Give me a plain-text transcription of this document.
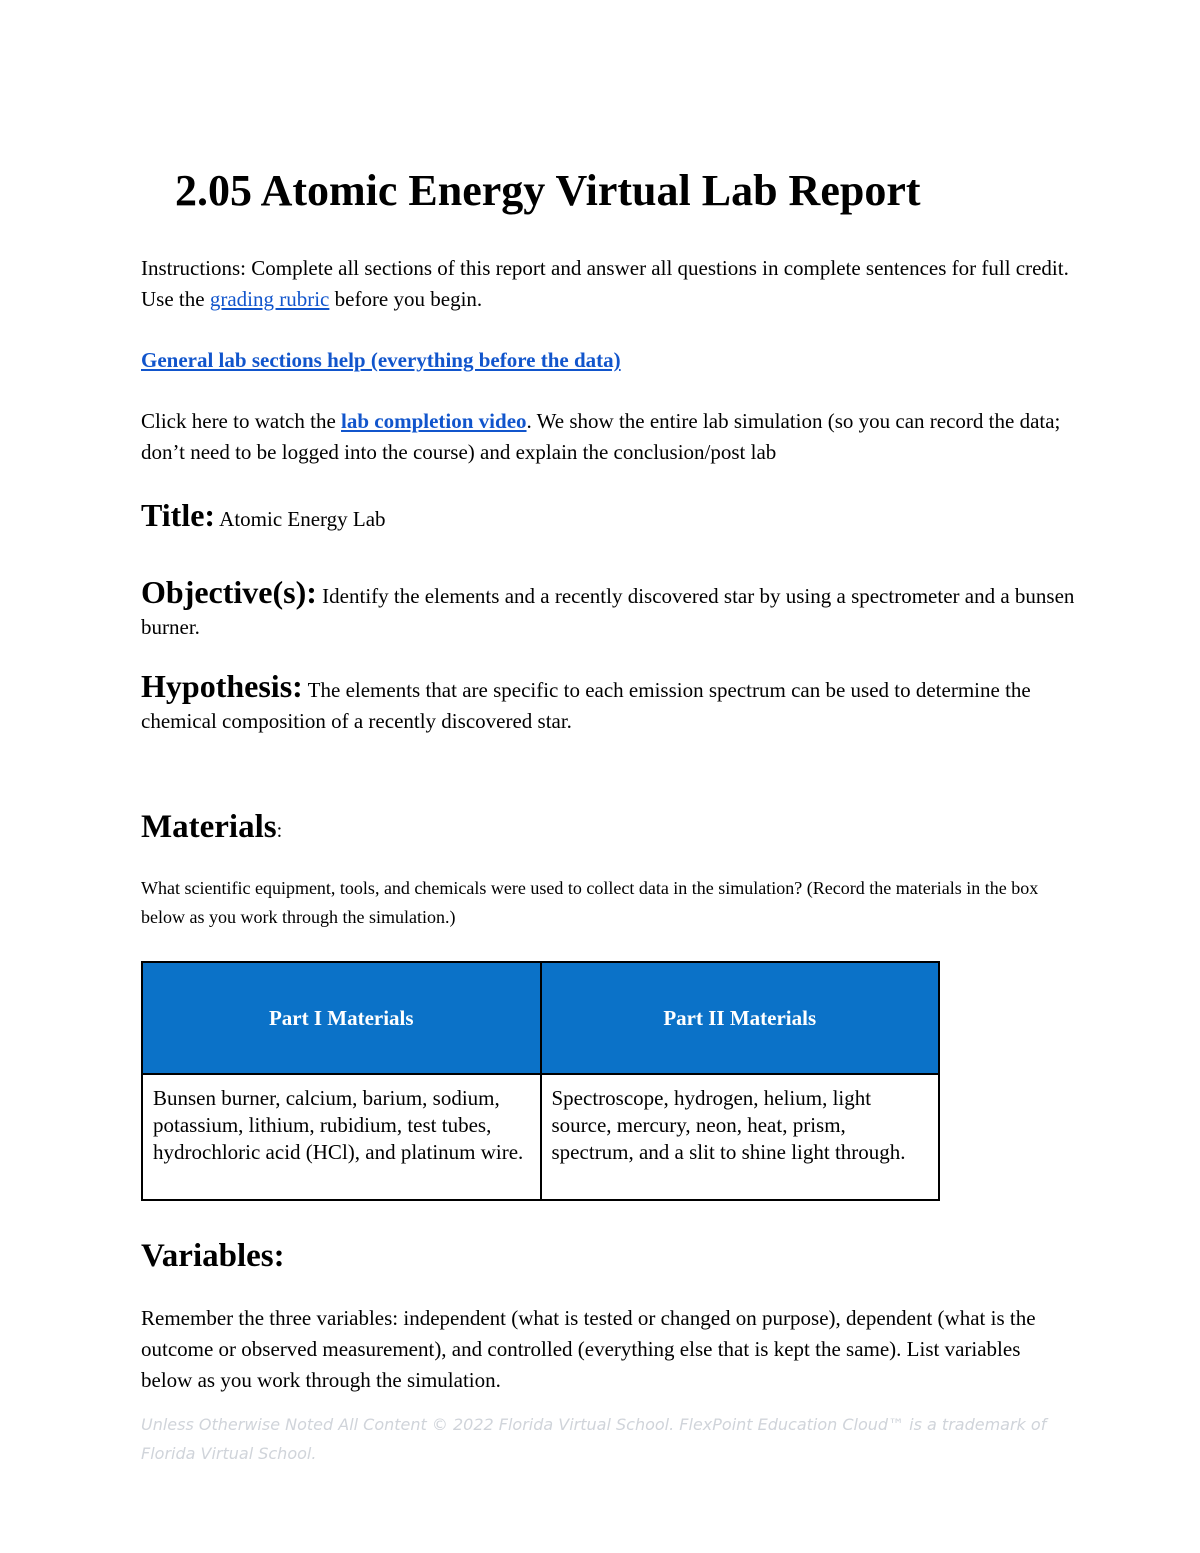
2.05 Atomic Energy Virtual Lab Report
Instructions: Complete all sections of this report and answer all questions in complete sentences for full credit. Use the grading rubric before you begin.
General lab sections help (everything before the data)
Click here to watch the lab completion video. We show the entire lab simulation (so you can record the data; don’t need to be logged into the course) and explain the conclusion/post lab
Title: Atomic Energy Lab
Objective(s): Identify the elements and a recently discovered star by using a spectrometer and a bunsen burner.
Hypothesis: The elements that are specific to each emission spectrum can be used to determine the chemical composition of a recently discovered star.
Materials:
What scientific equipment, tools, and chemicals were used to collect data in the simulation? (Record the materials in the box below as you work through the simulation.)
Part I Materials	Part II Materials
Bunsen burner, calcium, barium, sodium, potassium, lithium, rubidium, test tubes, hydrochloric acid (HCl), and platinum wire.	Spectroscope, hydrogen, helium, light source, mercury, neon, heat, prism, spectrum, and a slit to shine light through.
Variables:
Remember the three variables: independent (what is tested or changed on purpose), dependent (what is the outcome or observed measurement), and controlled (everything else that is kept the same). List variables below as you work through the simulation.
Unless Otherwise Noted All Content © 2022 Florida Virtual School. FlexPoint Education Cloud™ is a trademark of Florida Virtual School.
